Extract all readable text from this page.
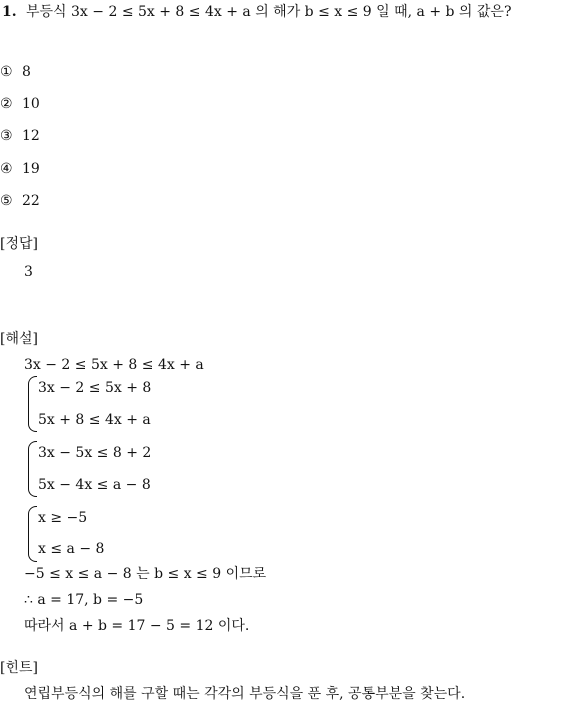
1. 부등식 3x − 2 ≤ 5x + 8 ≤ 4x + a 의 해가 b ≤ x ≤ 9 일 때, a + b 의 값은?
① 8
② 10
③ 12
④ 19
⑤ 22
[정답]
3
[해설]
3x − 2 ≤ 5x + 8 ≤ 4x + a
3x − 2 ≤ 5x + 8
5x + 8 ≤ 4x + a
3x − 5x ≤ 8 + 2
5x − 4x ≤ a − 8
x ≥ −5
x ≤ a − 8
−5 ≤ x ≤ a − 8 는 b ≤ x ≤ 9 이므로
∴ a = 17, b = −5
따라서 a + b = 17 − 5 = 12 이다.
[힌트]
연립부등식의 해를 구할 때는 각각의 부등식을 푼 후, 공통부분을 찾는다.
